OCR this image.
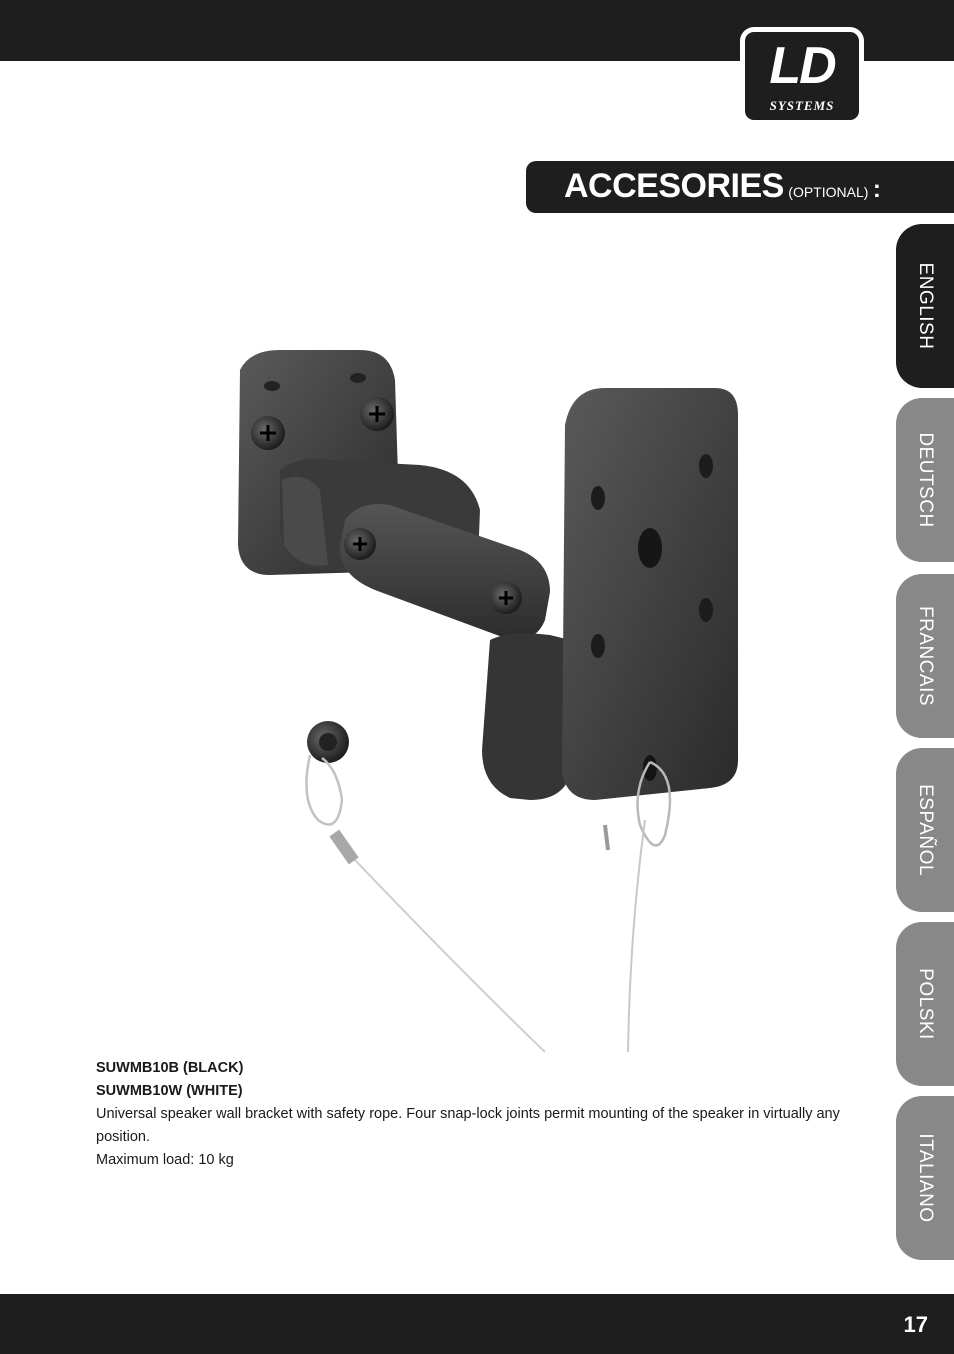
LD
SYSTEMS
ACCESORIES (OPTIONAL) :
ENGLISH
DEUTSCH
FRANCAIS
ESPAÑOL
POLSKI
ITALIANO
SUWMB10B (BLACK)
SUWMB10W (WHITE)
Universal speaker wall bracket with safety rope. Four snap-lock joints permit mounting of the speaker in virtually any position.
Maximum load: 10 kg
17
